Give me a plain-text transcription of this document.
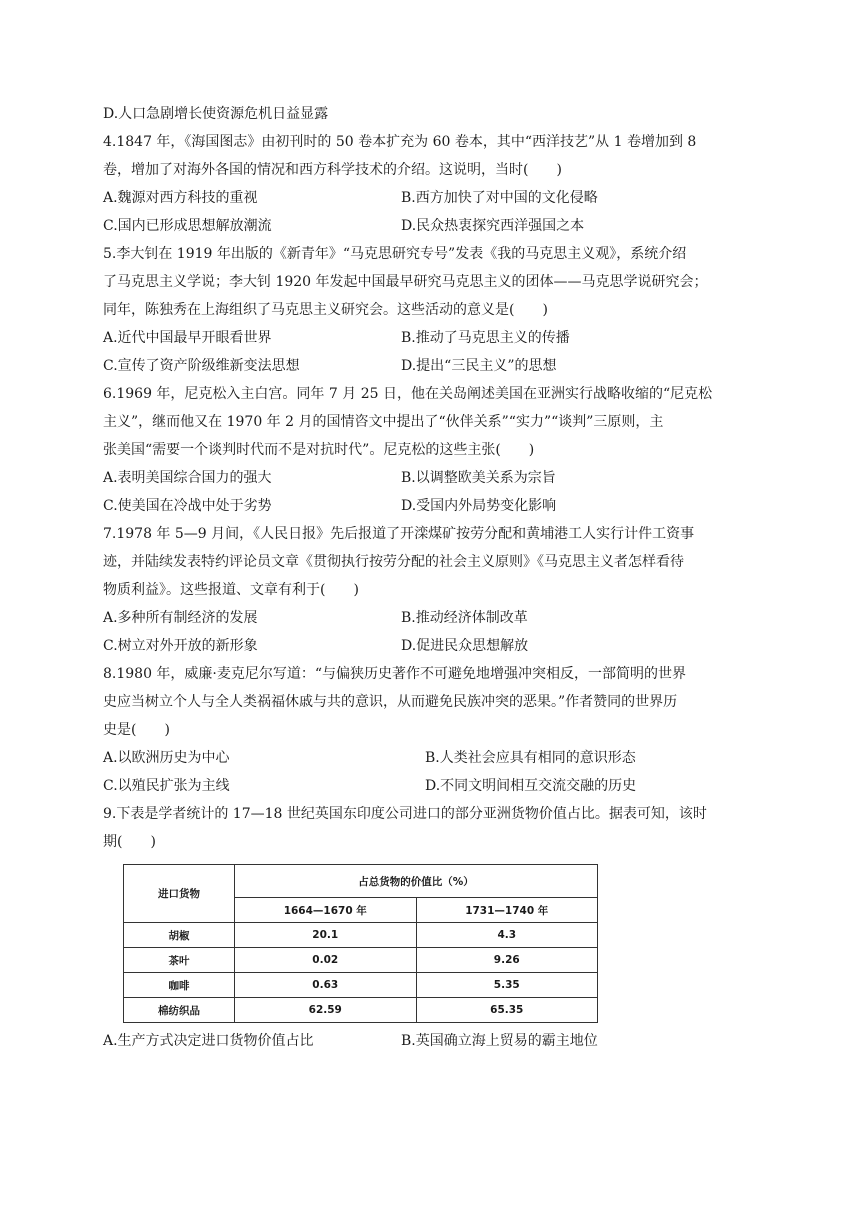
D.人口急剧增长使资源危机日益显露
4.1847 年，《海国图志》由初刊时的 50 卷本扩充为 60 卷本，其中“西洋技艺”从 1 卷增加到 8
卷，增加了对海外各国的情况和西方科学技术的介绍。这说明，当时(　　)
A.魏源对西方科技的重视	B.西方加快了对中国的文化侵略
C.国内已形成思想解放潮流	D.民众热衷探究西洋强国之本
5.李大钊在 1919 年出版的《新青年》“马克思研究专号”发表《我的马克思主义观》，系统介绍
了马克思主义学说；李大钊 1920 年发起中国最早研究马克思主义的团体——马克思学说研究会；
同年，陈独秀在上海组织了马克思主义研究会。这些活动的意义是(　　)
A.近代中国最早开眼看世界	B.推动了马克思主义的传播
C.宣传了资产阶级维新变法思想	D.提出“三民主义”的思想
6.1969 年，尼克松入主白宫。同年 7 月 25 日，他在关岛阐述美国在亚洲实行战略收缩的“尼克松
主义”，继而他又在 1970 年 2 月的国情咨文中提出了“伙伴关系”“实力”“谈判”三原则，主
张美国“需要一个谈判时代而不是对抗时代”。尼克松的这些主张(　　)
A.表明美国综合国力的强大	B.以调整欧美关系为宗旨
C.使美国在冷战中处于劣势	D.受国内外局势变化影响
7.1978 年 5—9 月间，《人民日报》先后报道了开滦煤矿按劳分配和黄埔港工人实行计件工资事
迹，并陆续发表特约评论员文章《贯彻执行按劳分配的社会主义原则》《马克思主义者怎样看待
物质利益》。这些报道、文章有利于(　　)
A.多种所有制经济的发展	B.推动经济体制改革
C.树立对外开放的新形象	D.促进民众思想解放
8.1980 年，威廉·麦克尼尔写道：“与偏狭历史著作不可避免地增强冲突相反，一部简明的世界
史应当树立个人与全人类祸福休戚与共的意识，从而避免民族冲突的恶果。”作者赞同的世界历
史是(　　)
A.以欧洲历史为中心	B.人类社会应具有相同的意识形态
C.以殖民扩张为主线	D.不同文明间相互交流交融的历史
9.下表是学者统计的 17—18 世纪英国东印度公司进口的部分亚洲货物价值占比。据表可知，该时
期(　　)
进口货物	占总货物的价值比（%）	
	1664—1670 年	1731—1740 年
胡椒	20.1	4.3
茶叶	0.02	9.26
咖啡	0.63	5.35
棉纺织品	62.59	65.35
A.生产方式决定进口货物价值占比	B.英国确立海上贸易的霸主地位
